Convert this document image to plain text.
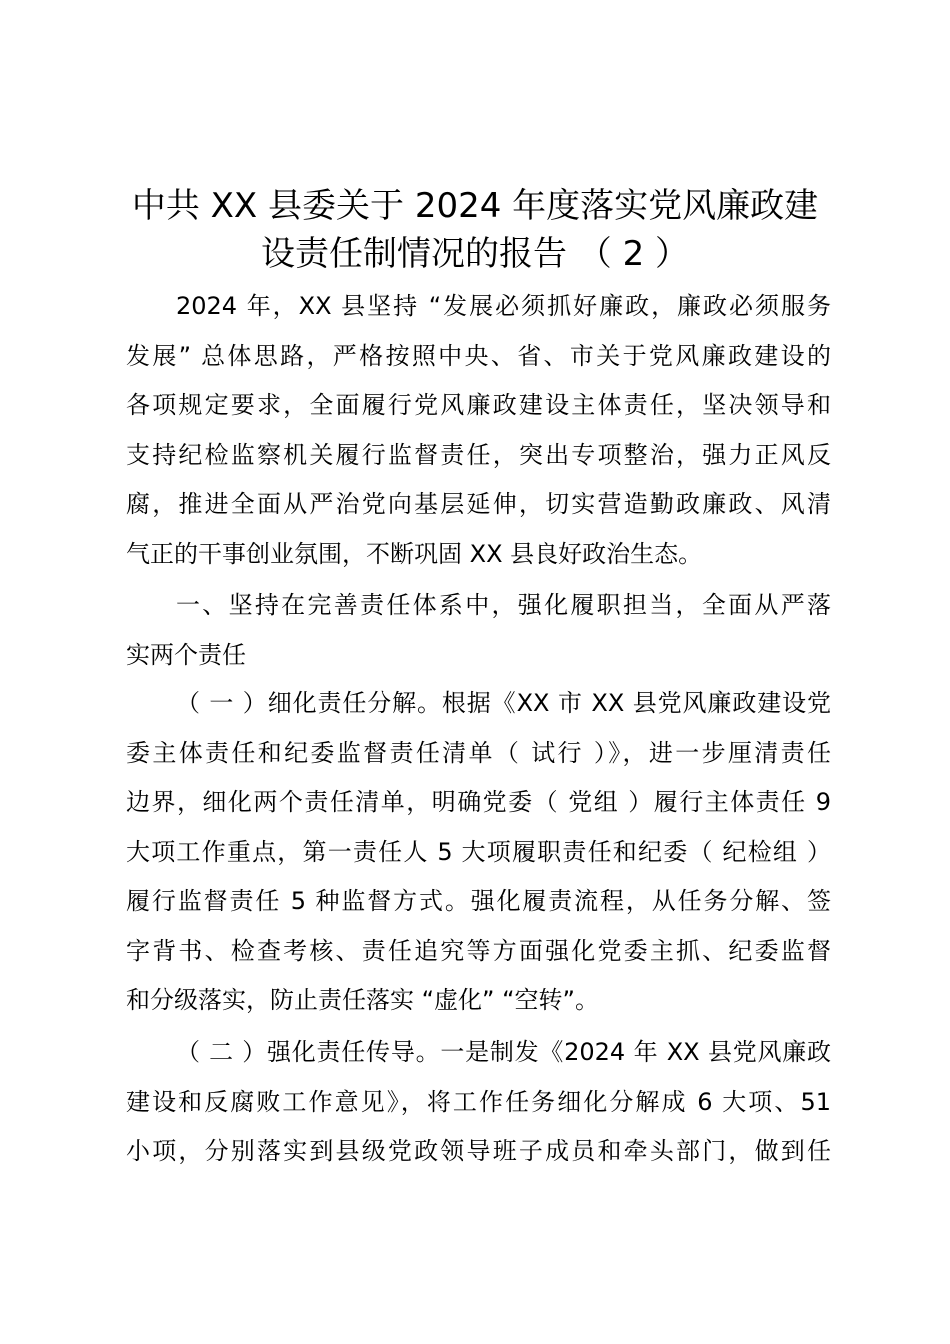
中共 XX 县委关于 2024 年度落实党风廉政建
设责任制情况的报告 （ 2 ）
2024 年，XX 县坚持 “发展必须抓好廉政，廉政必须服务
发展” 总体思路，严格按照中央、省、市关于党风廉政建设的
各项规定要求，全面履行党风廉政建设主体责任，坚决领导和
支持纪检监察机关履行监督责任，突出专项整治，强力正风反
腐，推进全面从严治党向基层延伸，切实营造勤政廉政、风清
气正的干事创业氛围，不断巩固 XX 县良好政治生态。
一、坚持在完善责任体系中，强化履职担当，全面从严落
实两个责任
（ 一 ）细化责任分解。根据《XX 市 XX 县党风廉政建设党
委主体责任和纪委监督责任清单（ 试行 ）》，进一步厘清责任
边界，细化两个责任清单，明确党委（ 党组 ）履行主体责任 9
大项工作重点，第一责任人 5 大项履职责任和纪委（ 纪检组 ）
履行监督责任 5 种监督方式。强化履责流程，从任务分解、签
字背书、检查考核、责任追究等方面强化党委主抓、纪委监督
和分级落实，防止责任落实 “虚化” “空转”。
（ 二 ）强化责任传导。一是制发《2024 年 XX 县党风廉政
建设和反腐败工作意见》，将工作任务细化分解成 6 大项、51
小项，分别落实到县级党政领导班子成员和牵头部门，做到任
